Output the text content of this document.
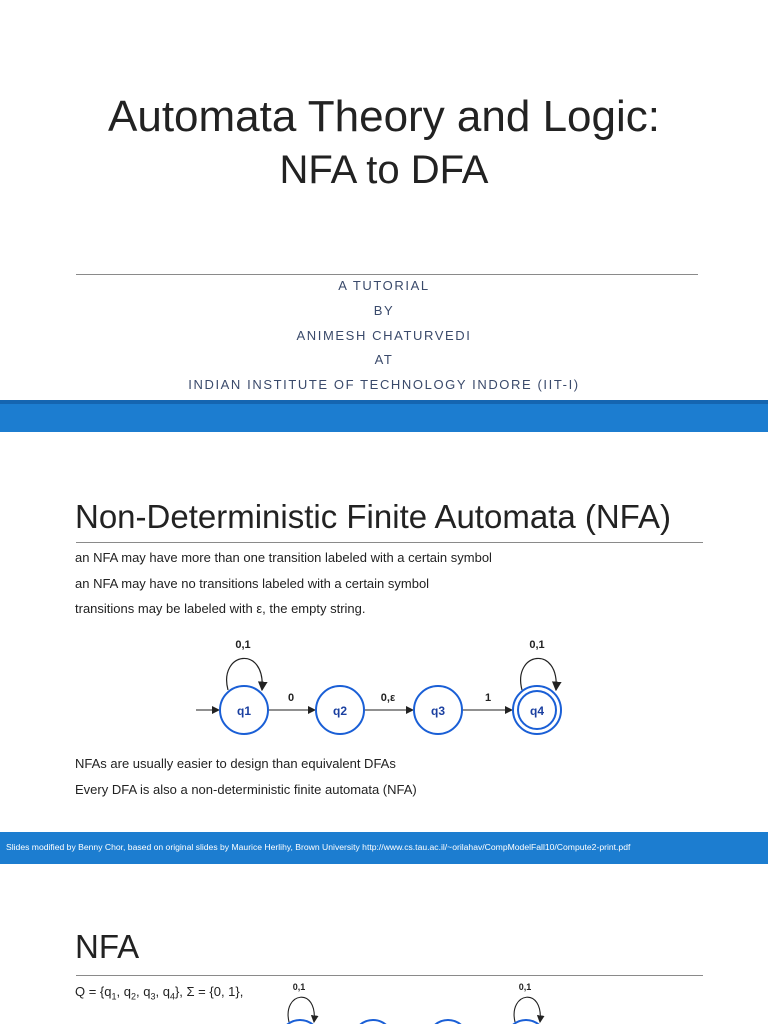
Automata Theory and Logic:
NFA to DFA
A TUTORIAL
BY
ANIMESH CHATURVEDI
AT
INDIAN INSTITUTE OF TECHNOLOGY INDORE (IIT-I)
Non-Deterministic Finite Automata (NFA)
an NFA may have more than one transition labeled with a certain symbol
an NFA may have no transitions labeled with a certain symbol
transitions may be labeled with ε, the empty string.
q1	q2	q3	q4
0	0,ε	1
0,1	0,1
NFAs are usually easier to design than equivalent DFAs
Every DFA is also a non-deterministic finite automata (NFA)
Slides modified by Benny Chor, based on original slides by Maurice Herlihy, Brown University http://www.cs.tau.ac.il/~orilahav/CompModelFall10/Compute2-print.pdf
NFA
$Q = \{q_1$, $q_2$, $q_3$, $q_4$}, Σ = {0, 1},	0,1	0,1
